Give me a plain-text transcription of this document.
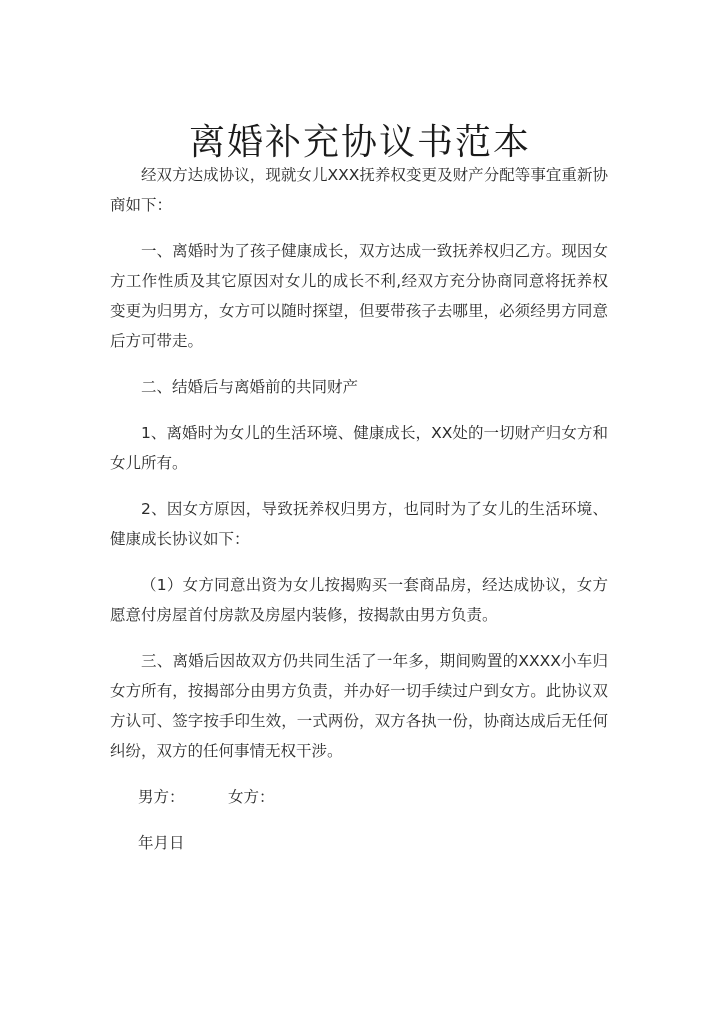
离婚补充协议书范本

经双方达成协议，现就女儿XXX抚养权变更及财产分配等事宜重新协商如下：

一、离婚时为了孩子健康成长，双方达成一致抚养权归乙方。现因女方工作性质及其它原因对女儿的成长不利,经双方充分协商同意将抚养权变更为归男方，女方可以随时探望，但要带孩子去哪里，必须经男方同意后方可带走。

二、结婚后与离婚前的共同财产

1、离婚时为女儿的生活环境、健康成长，XX处的一切财产归女方和女儿所有。

2、因女方原因，导致抚养权归男方，也同时为了女儿的生活环境、健康成长协议如下：

（1）女方同意出资为女儿按揭购买一套商品房，经达成协议，女方愿意付房屋首付房款及房屋内装修，按揭款由男方负责。

三、离婚后因故双方仍共同生活了一年多，期间购置的XXXX小车归女方所有，按揭部分由男方负责，并办好一切手续过户到女方。此协议双方认可、签字按手印生效，一式两份，双方各执一份，协商达成后无任何纠纷，双方的任何事情无权干涉。

男方：	女方：
年月日
